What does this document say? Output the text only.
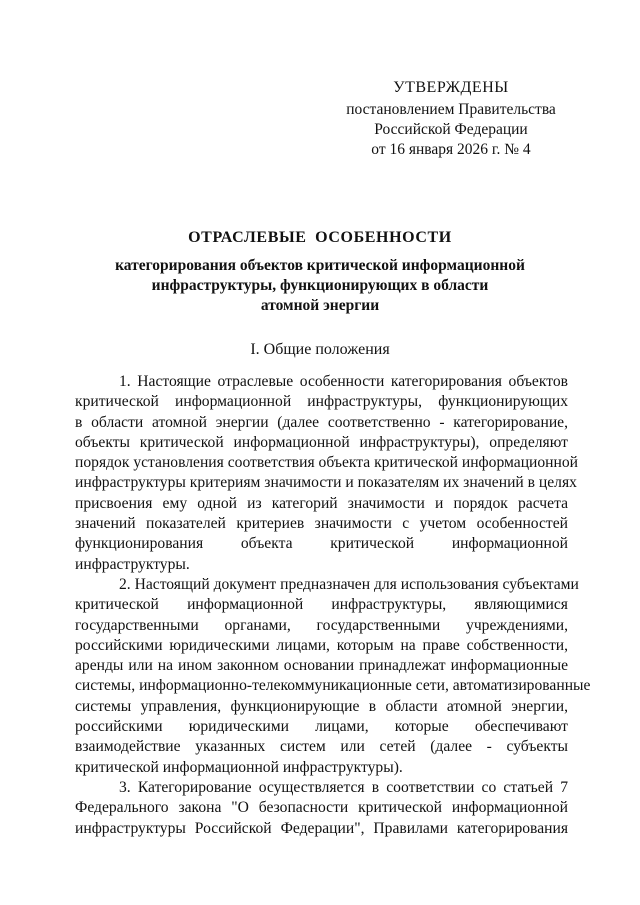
УТВЕРЖДЕНЫ
постановлением Правительства
Российской Федерации
от 16 января 2026 г. № 4
ОТРАСЛЕВЫЕ ОСОБЕННОСТИ
категорирования объектов критической информационной
инфраструктуры, функционирующих в области
атомной энергии
I. Общие положения

1. Настоящие отраслевые особенности категорирования объектов
критической информационной инфраструктуры, функционирующих
в области атомной энергии (далее соответственно - категорирование,
объекты критической информационной инфраструктуры), определяют
порядок установления соответствия объекта критической информационной
инфраструктуры критериям значимости и показателям их значений в целях
присвоения ему одной из категорий значимости и порядок расчета
значений показателей критериев значимости с учетом особенностей
функционирования объекта критической информационной
инфраструктуры.

2. Настоящий документ предназначен для использования субъектами
критической информационной инфраструктуры, являющимися
государственными органами, государственными учреждениями,
российскими юридическими лицами, которым на праве собственности,
аренды или на ином законном основании принадлежат информационные
системы, информационно-телекоммуникационные сети, автоматизированные
системы управления, функционирующие в области атомной энергии,
российскими юридическими лицами, которые обеспечивают
взаимодействие указанных систем или сетей (далее - субъекты
критической информационной инфраструктуры).

3. Категорирование осуществляется в соответствии со статьей 7
Федерального закона "О безопасности критической информационной
инфраструктуры Российской Федерации", Правилами категорирования
